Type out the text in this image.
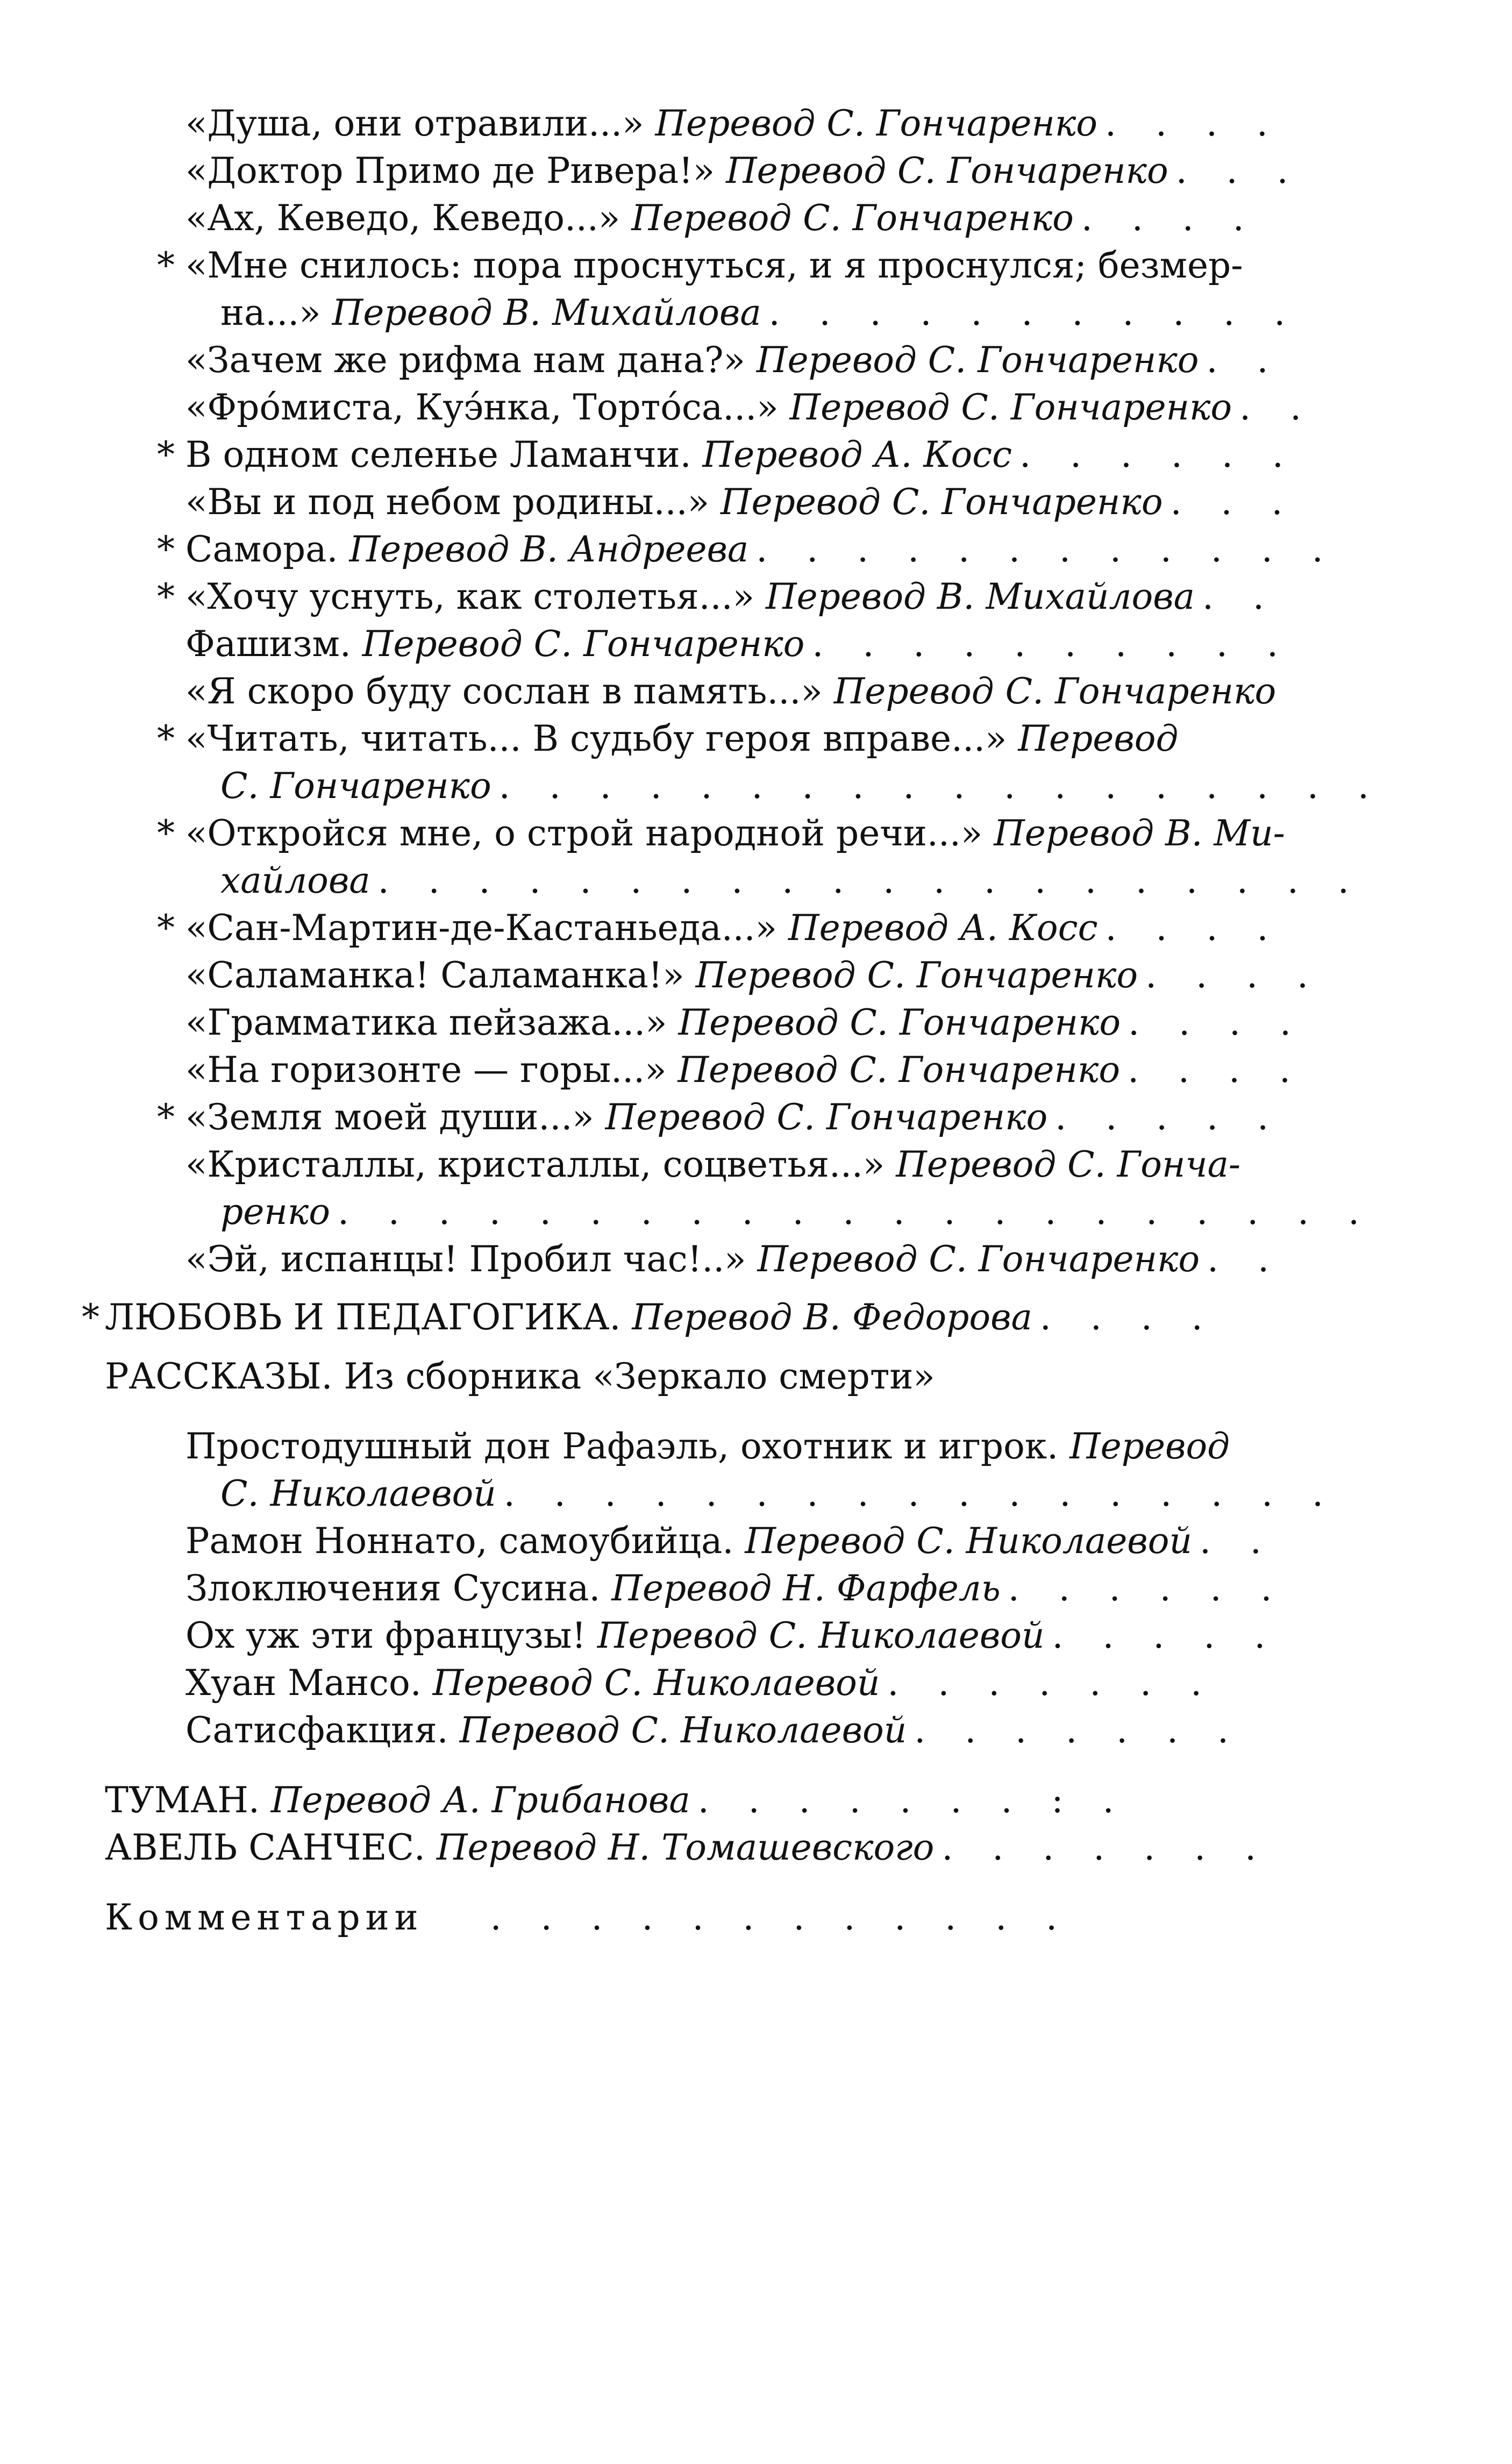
«Душа, они отравили...» Перевод С. Гончаренко . . . .
«Доктор Примо де Ривера!» Перевод С. Гончаренко . . .
«Ах, Кеведо, Кеведо...» Перевод С. Гончаренко . . . .
* «Мне снилось: пора проснуться, и я проснулся; безмер-
на...» Перевод В. Михайлова . . . . . . . . . . .
«Зачем же рифма нам дана?» Перевод С. Гончаренко . .
«Фро́миста, Куэ́нка, Торто́са...» Перевод С. Гончаренко . .
* В одном селенье Ламанчи. Перевод А. Косс . . . . . .
«Вы и под небом родины...» Перевод С. Гончаренко . . .
* Самора. Перевод В. Андреева . . . . . . . . . . . .
* «Хочу уснуть, как столетья...» Перевод В. Михайлова . .
Фашизм. Перевод С. Гончаренко . . . . . . . . . .
«Я скоро буду сослан в память...» Перевод С. Гончаренко
* «Читать, читать... В судьбу героя вправе...» Перевод
С. Гончаренко . . . . . . . . . . . . . . . . . .
* «Откройся мне, о строй народной речи...» Перевод В. Ми-
хайлова . . . . . . . . . . . . . . . . . . . .
* «Сан-Мартин-де-Кастаньеда...» Перевод А. Косс . . . .
«Саламанка! Саламанка!» Перевод С. Гончаренко . . . .
«Грамматика пейзажа...» Перевод С. Гончаренко . . . .
«На горизонте — горы...» Перевод С. Гончаренко . . . .
* «Земля моей души...» Перевод С. Гончаренко . . . . .
«Кристаллы, кристаллы, соцветья...» Перевод С. Гонча-
ренко . . . . . . . . . . . . . . . . . . . . .
«Эй, испанцы! Пробил час!..» Перевод С. Гончаренко . .
* ЛЮБОВЬ И ПЕДАГОГИКА. Перевод В. Федорова . . . .
РАССКАЗЫ. Из сборника «Зеркало смерти»
Простодушный дон Рафаэль, охотник и игрок. Перевод
С. Николаевой . . . . . . . . . . . . . . . . .
Рамон Ноннато, самоубийца. Перевод С. Николаевой . .
Злоключения Сусина. Перевод Н. Фарфель . . . . . .
Ох уж эти французы! Перевод С. Николаевой . . . . .
Хуан Мансо. Перевод С. Николаевой . . . . . . .
Сатисфакция. Перевод С. Николаевой . . . . . . .
ТУМАН. Перевод А. Грибанова . . . . . . . : .
АВЕЛЬ САНЧЕС. Перевод Н. Томашевского . . . . . . .
Комментарии . . . . . . . . . . . .
